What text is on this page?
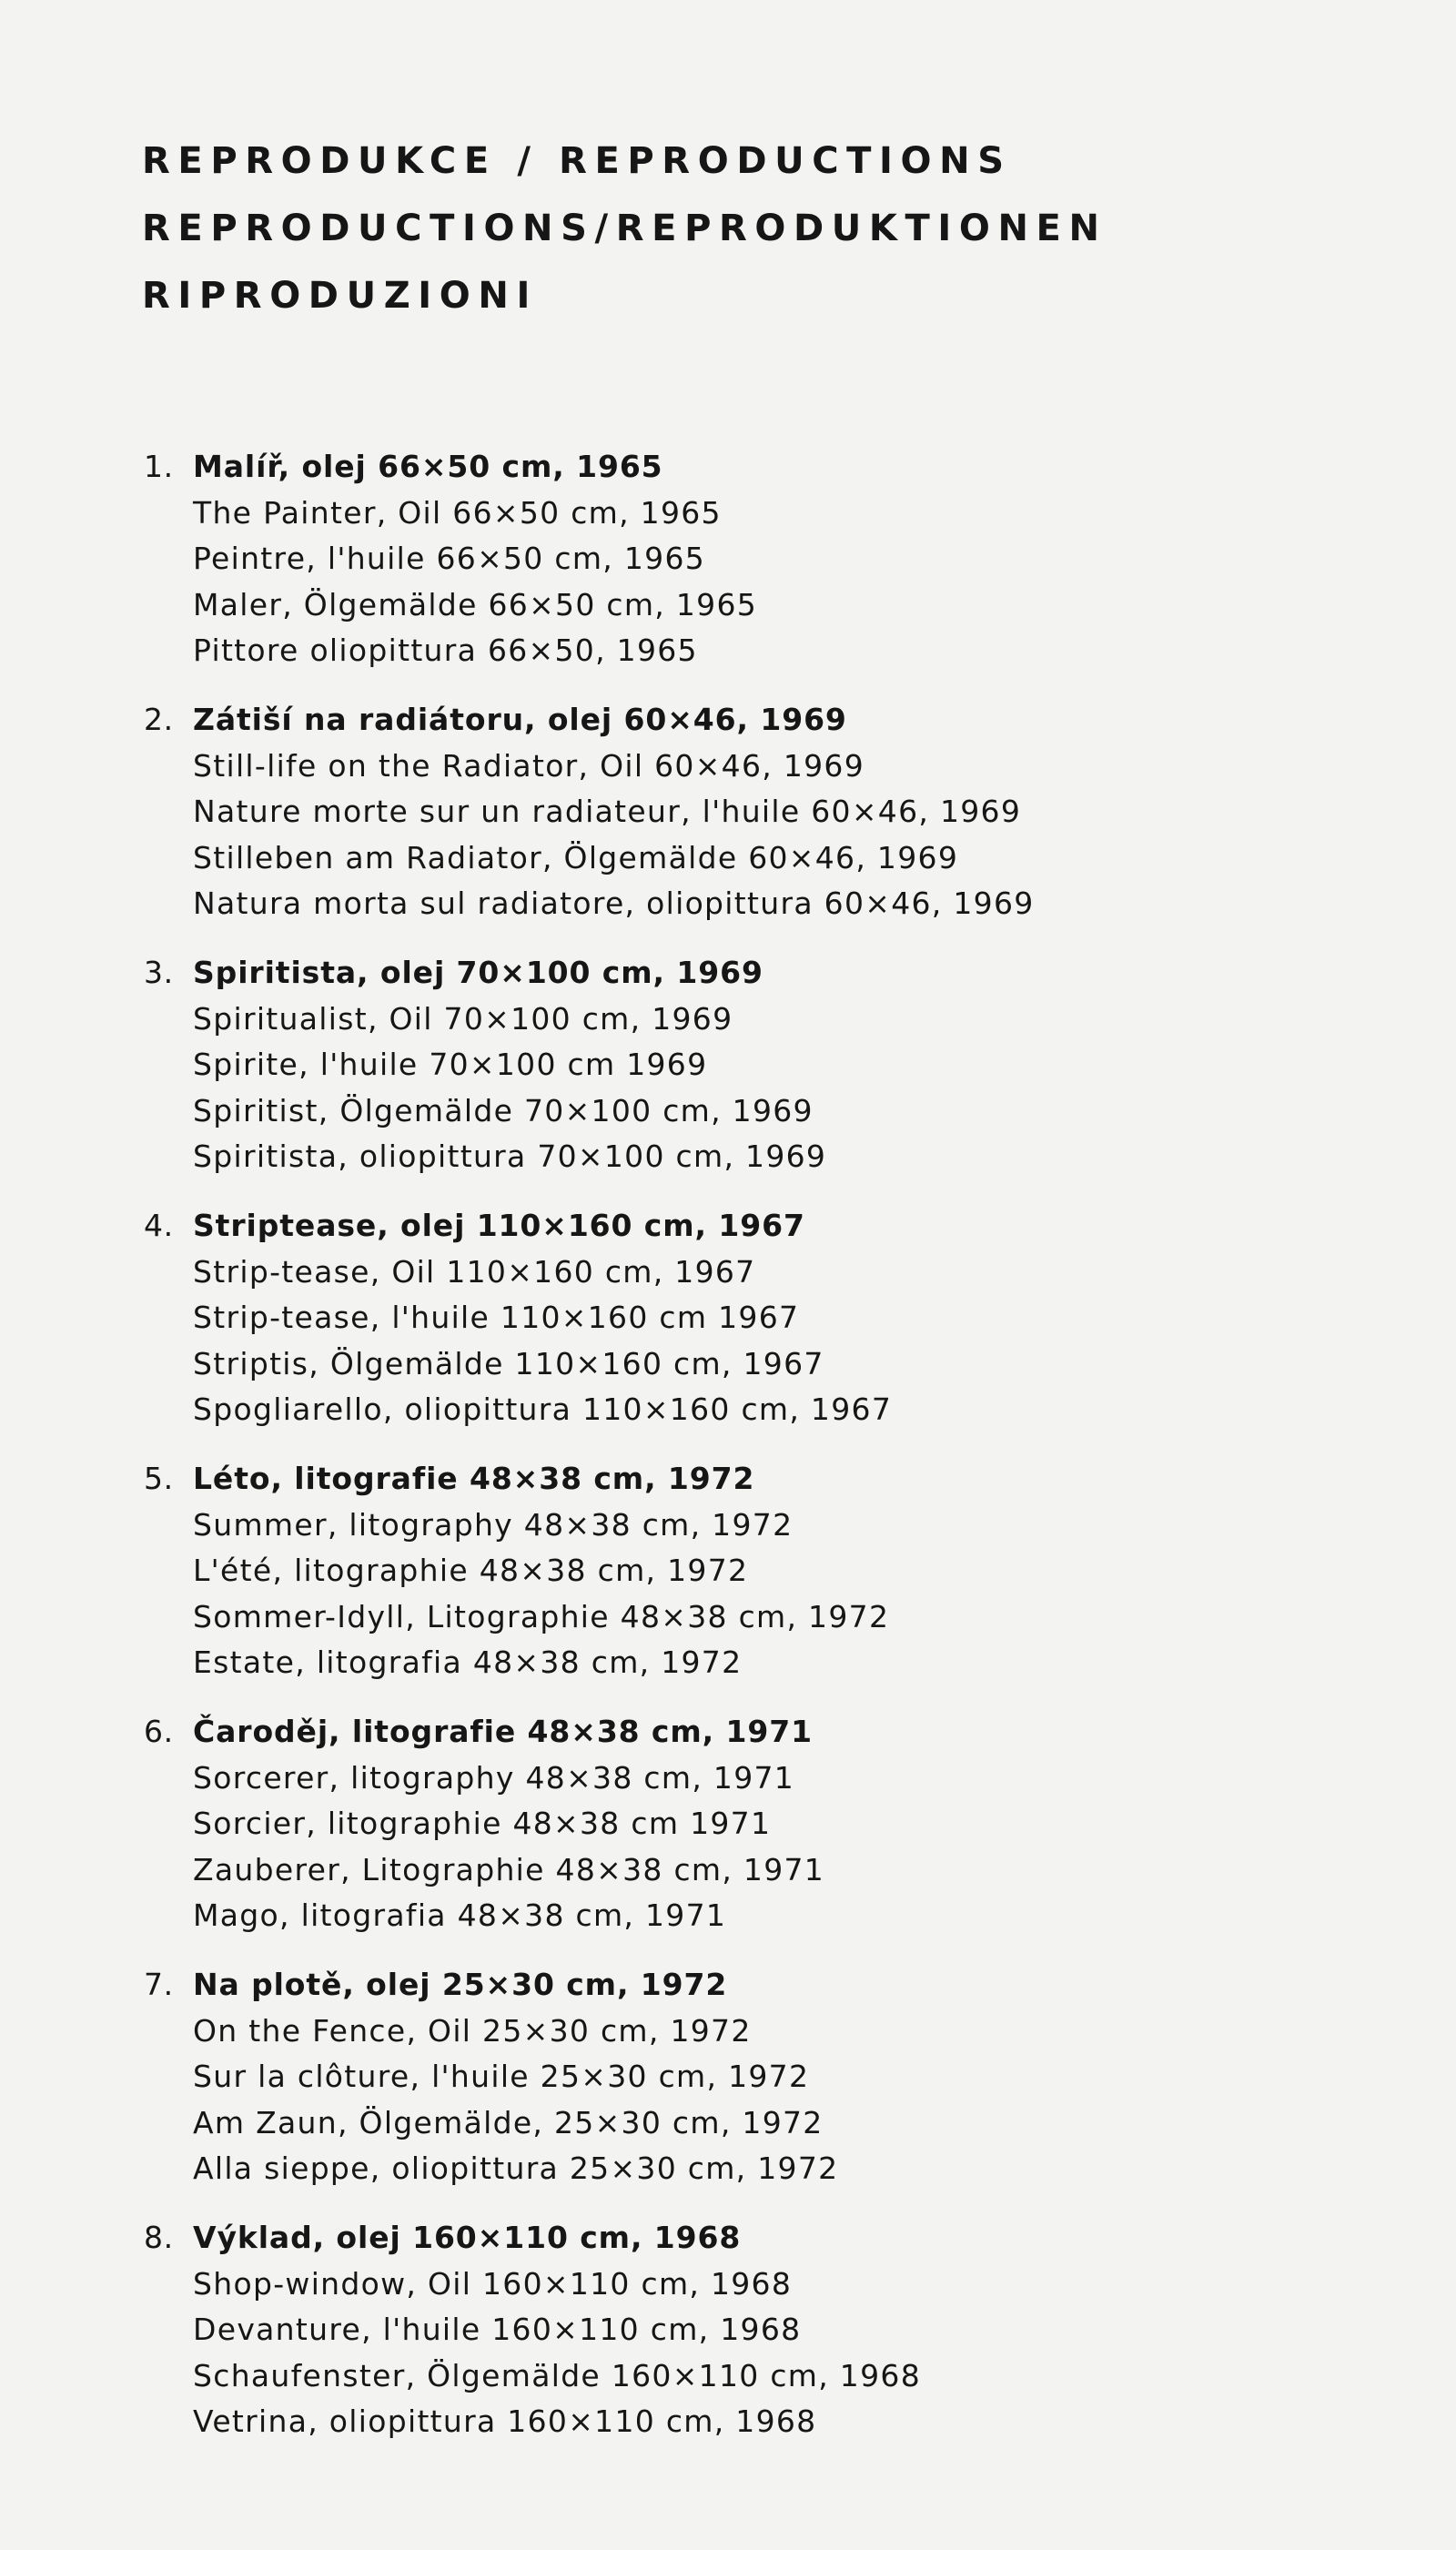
REPRODUKCE / REPRODUCTIONS

REPRODUCTIONS/REPRODUKTIONEN

RIPRODUZIONI

1. Malíř, olej 66×50 cm, 1965
The Painter, Oil 66×50 cm, 1965
Peintre, l'huile 66×50 cm, 1965
Maler, Ölgemälde 66×50 cm, 1965
Pittore oliopittura 66×50, 1965
2. Zátiší na radiátoru, olej 60×46, 1969
Still-life on the Radiator, Oil 60×46, 1969
Nature morte sur un radiateur, l'huile 60×46, 1969
Stilleben am Radiator, Ölgemälde 60×46, 1969
Natura morta sul radiatore, oliopittura 60×46, 1969
3. Spiritista, olej 70×100 cm, 1969
Spiritualist, Oil 70×100 cm, 1969
Spirite, l'huile 70×100 cm 1969
Spiritist, Ölgemälde 70×100 cm, 1969
Spiritista, oliopittura 70×100 cm, 1969
4. Striptease, olej 110×160 cm, 1967
Strip-tease, Oil 110×160 cm, 1967
Strip-tease, l'huile 110×160 cm 1967
Striptis, Ölgemälde 110×160 cm, 1967
Spogliarello, oliopittura 110×160 cm, 1967
5. Léto, litografie 48×38 cm, 1972
Summer, litography 48×38 cm, 1972
L'été, litographie 48×38 cm, 1972
Sommer-Idyll, Litographie 48×38 cm, 1972
Estate, litografia 48×38 cm, 1972
6. Čaroděj, litografie 48×38 cm, 1971
Sorcerer, litography 48×38 cm, 1971
Sorcier, litographie 48×38 cm 1971
Zauberer, Litographie 48×38 cm, 1971
Mago, litografia 48×38 cm, 1971
7. Na plotě, olej 25×30 cm, 1972
On the Fence, Oil 25×30 cm, 1972
Sur la clôture, l'huile 25×30 cm, 1972
Am Zaun, Ölgemälde, 25×30 cm, 1972
Alla sieppe, oliopittura 25×30 cm, 1972
8. Výklad, olej 160×110 cm, 1968
Shop-window, Oil 160×110 cm, 1968
Devanture, l'huile 160×110 cm, 1968
Schaufenster, Ölgemälde 160×110 cm, 1968
Vetrina, oliopittura 160×110 cm, 1968
